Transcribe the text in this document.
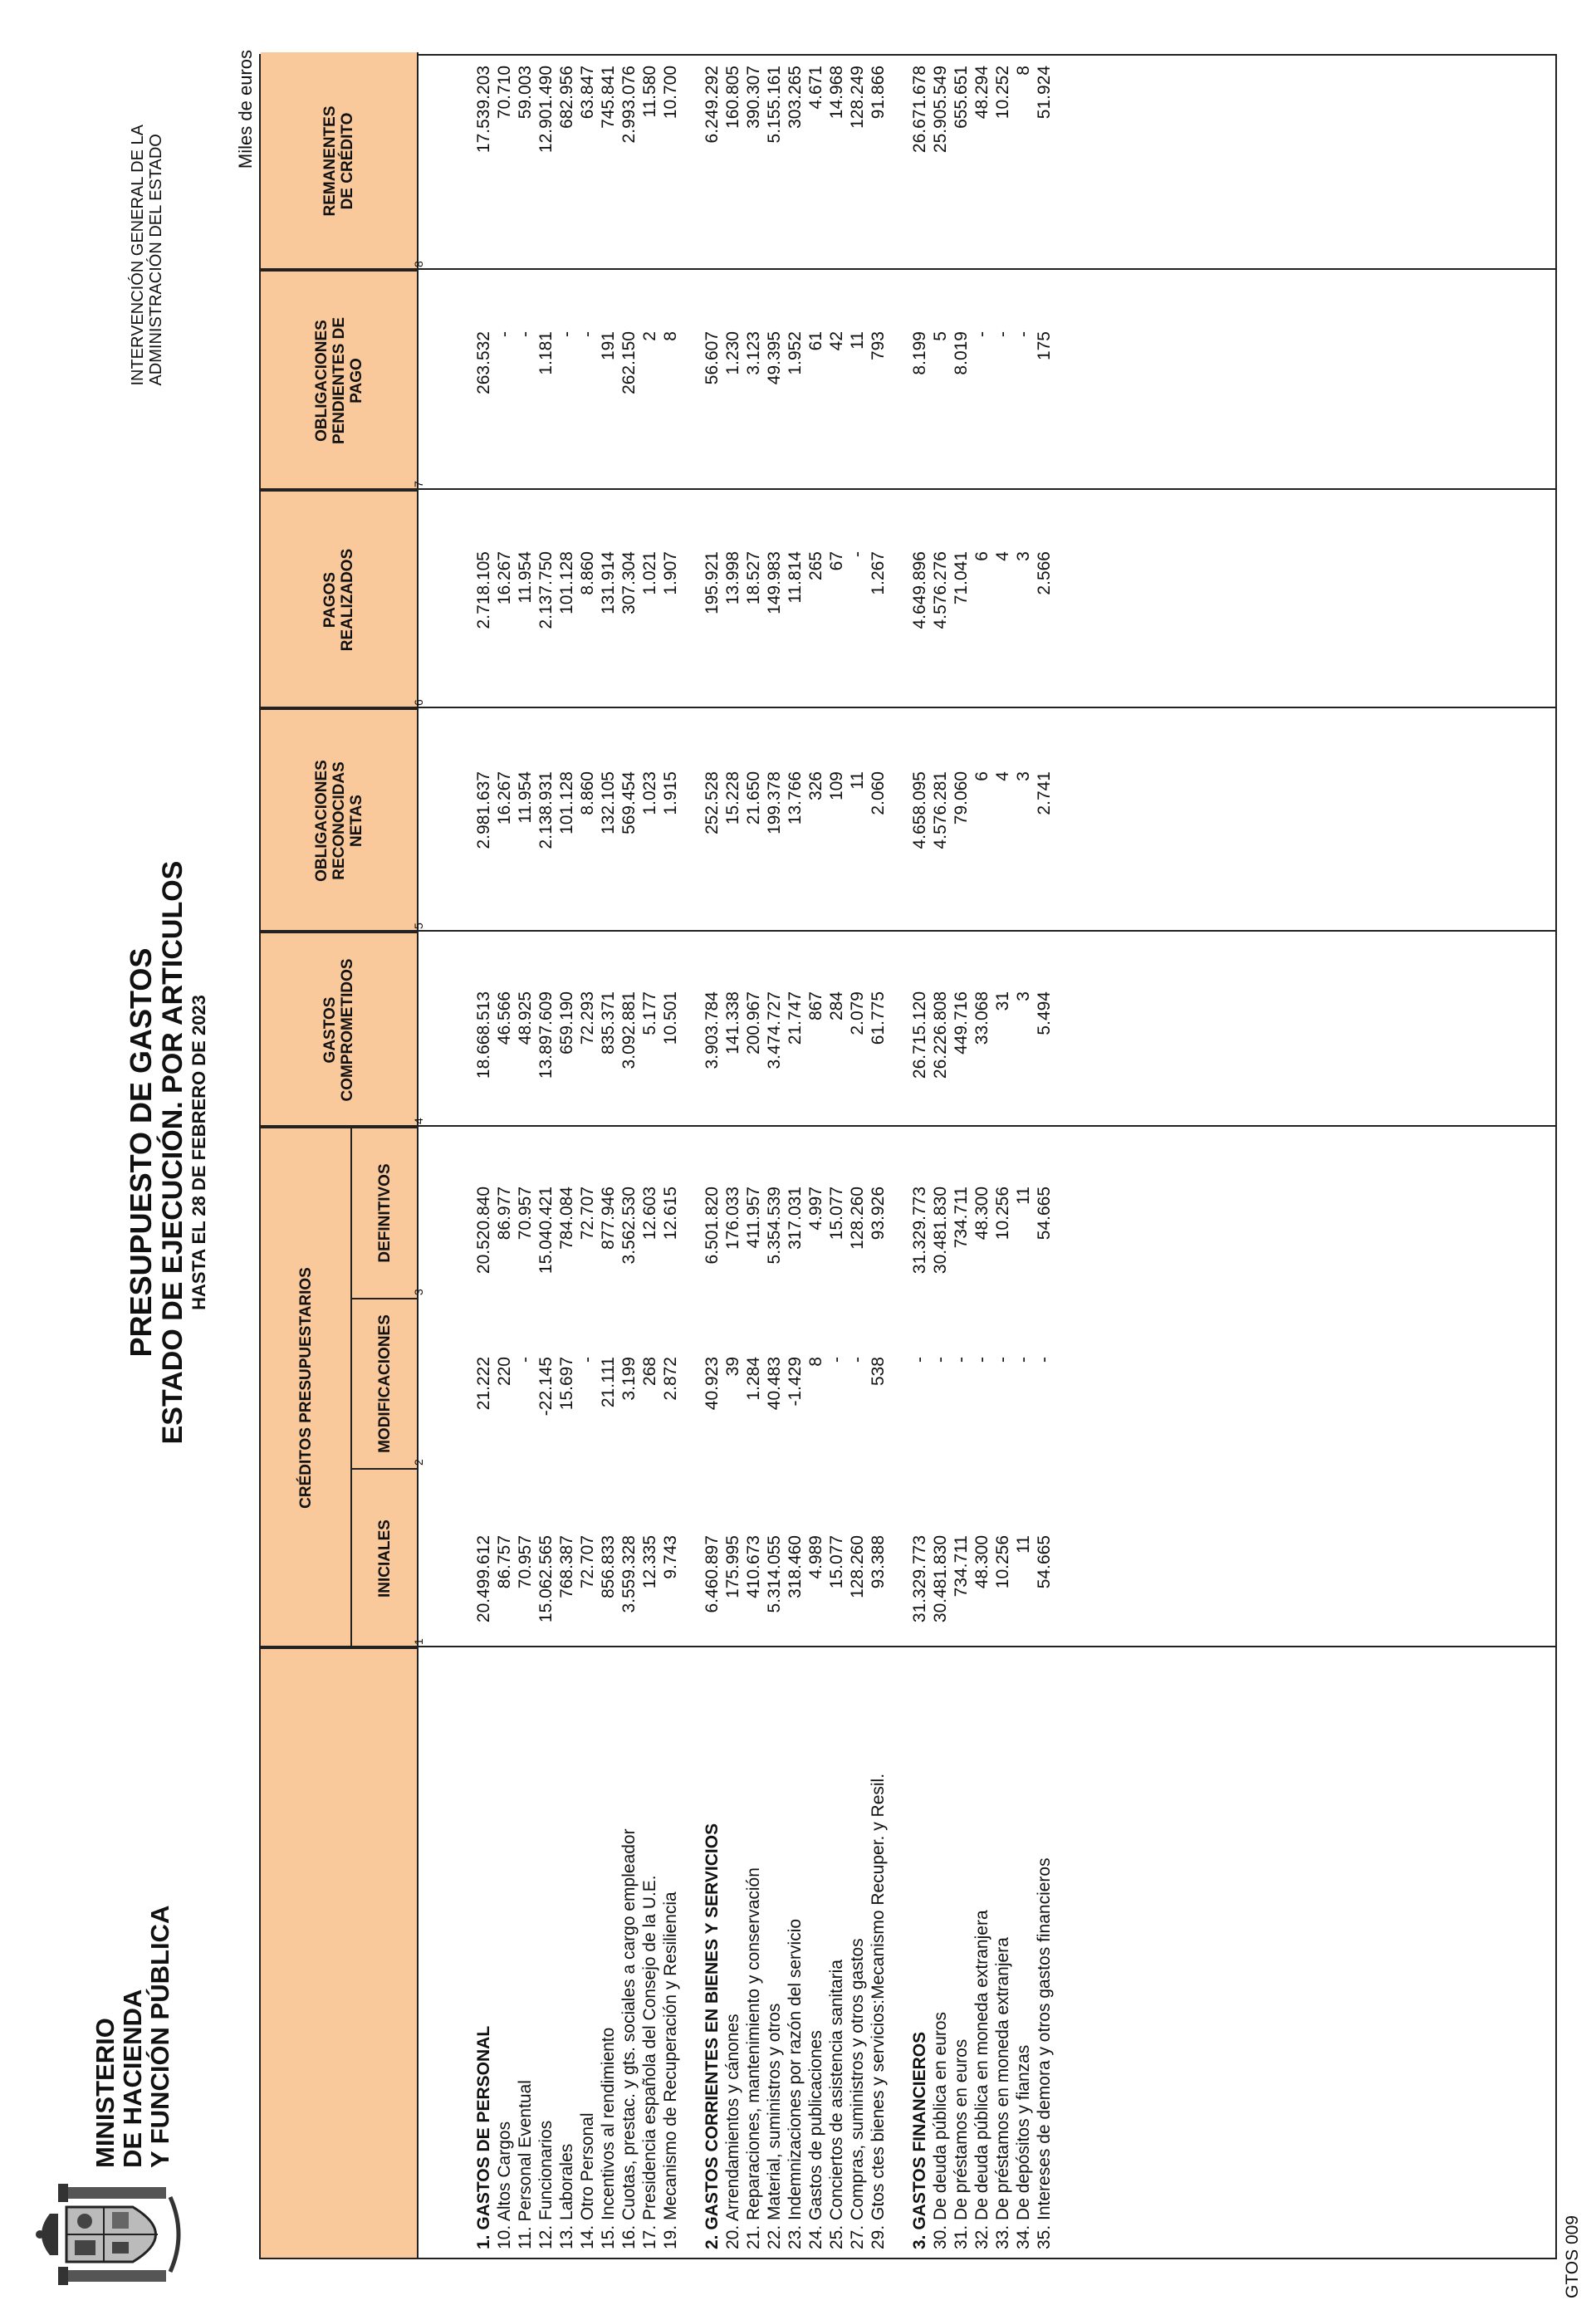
MINISTERIO
DE HACIENDA
Y FUNCIÓN PÚBLICA
PRESUPUESTO DE GASTOS ESTADO DE EJECUCIÓN. POR ARTICULOS HASTA EL 28 DE FEBRERO DE 2023
INTERVENCIÓN GENERAL DE LA ADMINISTRACIÓN DEL ESTADO
Miles de euros
CRÉDITOS PRESUPUESTARIOS
INICIALES
MODIFICACIONES
DEFINITIVOS
GASTOS COMPROMETIDOS
OBLIGACIONES RECONOCIDAS NETAS
PAGOS REALIZADOS
OBLIGACIONES PENDIENTES DE PAGO
REMANENTES DE CRÉDITO
1
2
3
4
5
6
7
8
1. GASTOS DE PERSONAL
20.499.612
21.222
20.520.840
18.668.513
2.981.637
2.718.105
263.532
17.539.203
10. Altos Cargos
86.757
220
86.977
46.566
16.267
16.267
-
70.710
11. Personal Eventual
70.957
-
70.957
48.925
11.954
11.954
-
59.003
12. Funcionarios
15.062.565
-22.145
15.040.421
13.897.609
2.138.931
2.137.750
1.181
12.901.490
13. Laborales
768.387
15.697
784.084
659.190
101.128
101.128
-
682.956
14. Otro Personal
72.707
-
72.707
72.293
8.860
8.860
-
63.847
15. Incentivos al rendimiento
856.833
21.111
877.946
835.371
132.105
131.914
191
745.841
16. Cuotas, prestac. y gts. sociales a cargo empleador
3.559.328
3.199
3.562.530
3.092.881
569.454
307.304
262.150
2.993.076
17. Presidencia española del Consejo de la U.E.
12.335
268
12.603
5.177
1.023
1.021
2
11.580
19. Mecanismo de Recuperación y Resiliencia
9.743
2.872
12.615
10.501
1.915
1.907
8
10.700
2. GASTOS CORRIENTES EN BIENES Y SERVICIOS
6.460.897
40.923
6.501.820
3.903.784
252.528
195.921
56.607
6.249.292
20. Arrendamientos y cánones
175.995
39
176.033
141.338
15.228
13.998
1.230
160.805
21. Reparaciones, mantenimiento y conservación
410.673
1.284
411.957
200.967
21.650
18.527
3.123
390.307
22. Material, suministros y otros
5.314.055
40.483
5.354.539
3.474.727
199.378
149.983
49.395
5.155.161
23. Indemnizaciones por razón del servicio
318.460
-1.429
317.031
21.747
13.766
11.814
1.952
303.265
24. Gastos de publicaciones
4.989
8
4.997
867
326
265
61
4.671
25. Conciertos de asistencia sanitaria
15.077
-
15.077
284
109
67
42
14.968
27. Compras, suministros y otros gastos
128.260
-
128.260
2.079
11
-
11
128.249
29. Gtos ctes bienes y servicios:Mecanismo Recuper. y Resil.
93.388
538
93.926
61.775
2.060
1.267
793
91.866
3. GASTOS FINANCIEROS
31.329.773
-
31.329.773
26.715.120
4.658.095
4.649.896
8.199
26.671.678
30. De deuda pública en euros
30.481.830
-
30.481.830
26.226.808
4.576.281
4.576.276
5
25.905.549
31. De préstamos en euros
734.711
-
734.711
449.716
79.060
71.041
8.019
655.651
32. De deuda pública en moneda extranjera
48.300
-
48.300
33.068
6
6
-
48.294
33. De préstamos en moneda extranjera
10.256
-
10.256
31
4
4
-
10.252
34. De depósitos y fianzas
11
-
11
3
3
3
-
8
35. Intereses de demora y otros gastos financieros
54.665
-
54.665
5.494
2.741
2.566
175
51.924
GTOS 009
